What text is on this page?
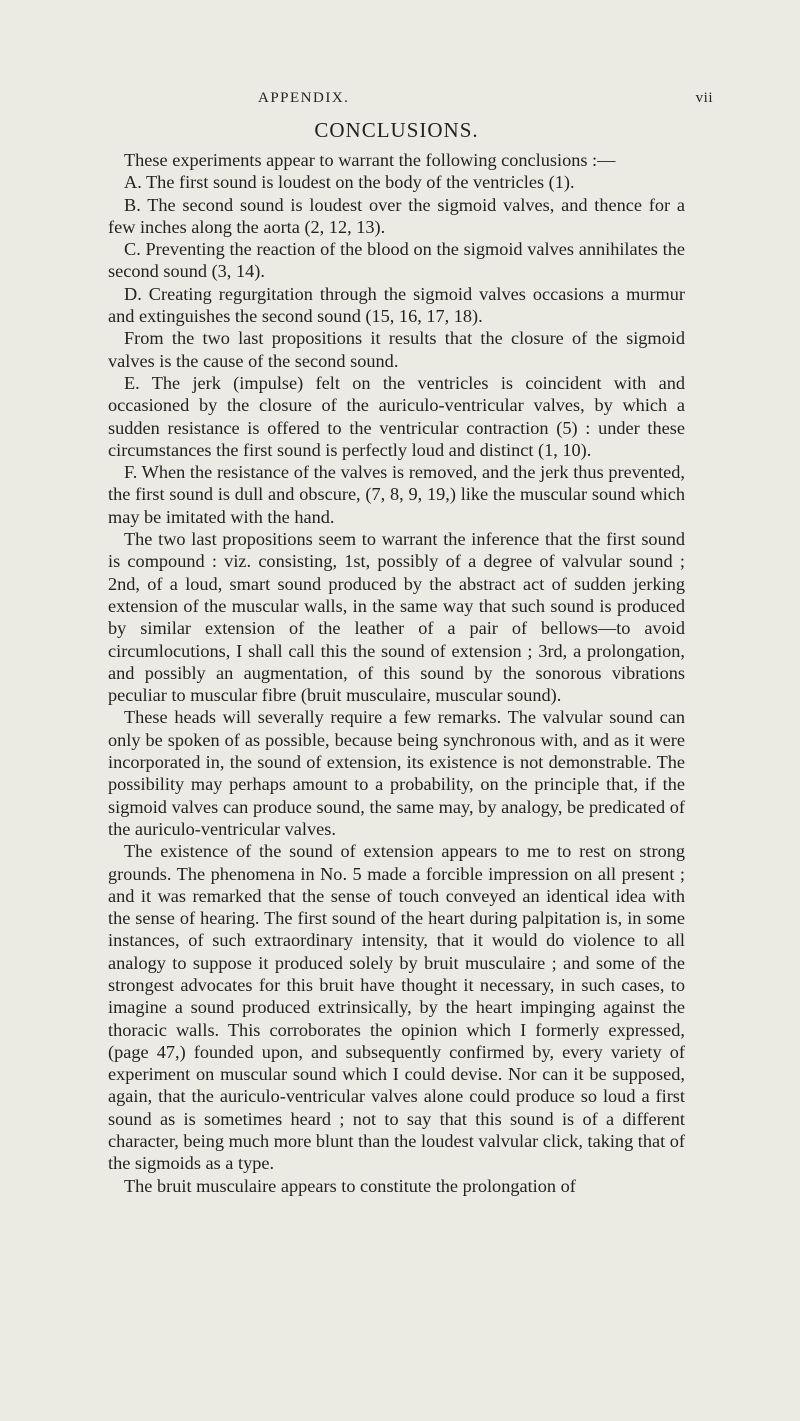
APPENDIX.	vii
CONCLUSIONS.

These experiments appear to warrant the following conclusions :—

A. The first sound is loudest on the body of the ventricles (1).

B. The second sound is loudest over the sigmoid valves, and thence for a few inches along the aorta (2, 12, 13).

C. Preventing the reaction of the blood on the sigmoid valves annihilates the second sound (3, 14).

D. Creating regurgitation through the sigmoid valves occasions a murmur and extinguishes the second sound (15, 16, 17, 18).

From the two last propositions it results that the closure of the sigmoid valves is the cause of the second sound.

E. The jerk (impulse) felt on the ventricles is coincident with and occasioned by the closure of the auriculo-ventricular valves, by which a sudden resistance is offered to the ventricular contraction (5) : under these circumstances the first sound is perfectly loud and distinct (1, 10).

F. When the resistance of the valves is removed, and the jerk thus prevented, the first sound is dull and obscure, (7, 8, 9, 19,) like the muscular sound which may be imitated with the hand.

The two last propositions seem to warrant the inference that the first sound is compound : viz. consisting, 1st, possibly of a degree of valvular sound ; 2nd, of a loud, smart sound produced by the abstract act of sudden jerking extension of the muscular walls, in the same way that such sound is produced by similar extension of the leather of a pair of bellows—to avoid circumlocutions, I shall call this the sound of extension ; 3rd, a prolongation, and possibly an augmentation, of this sound by the sonorous vibrations peculiar to muscular fibre (bruit musculaire, muscular sound).

These heads will severally require a few remarks. The valvular sound can only be spoken of as possible, because being synchronous with, and as it were incorporated in, the sound of extension, its existence is not demonstrable. The possibility may perhaps amount to a probability, on the principle that, if the sigmoid valves can produce sound, the same may, by analogy, be predicated of the auriculo-ventricular valves.

The existence of the sound of extension appears to me to rest on strong grounds. The phenomena in No. 5 made a forcible impression on all present ; and it was remarked that the sense of touch conveyed an identical idea with the sense of hearing. The first sound of the heart during palpitation is, in some instances, of such extraordinary intensity, that it would do violence to all analogy to suppose it produced solely by bruit musculaire ; and some of the strongest advocates for this bruit have thought it necessary, in such cases, to imagine a sound produced extrinsically, by the heart impinging against the thoracic walls. This corroborates the opinion which I formerly expressed, (page 47,) founded upon, and subsequently confirmed by, every variety of experiment on muscular sound which I could devise. Nor can it be supposed, again, that the auriculo-ventricular valves alone could produce so loud a first sound as is sometimes heard ; not to say that this sound is of a different character, being much more blunt than the loudest valvular click, taking that of the sigmoids as a type.

The bruit musculaire appears to constitute the prolongation of
